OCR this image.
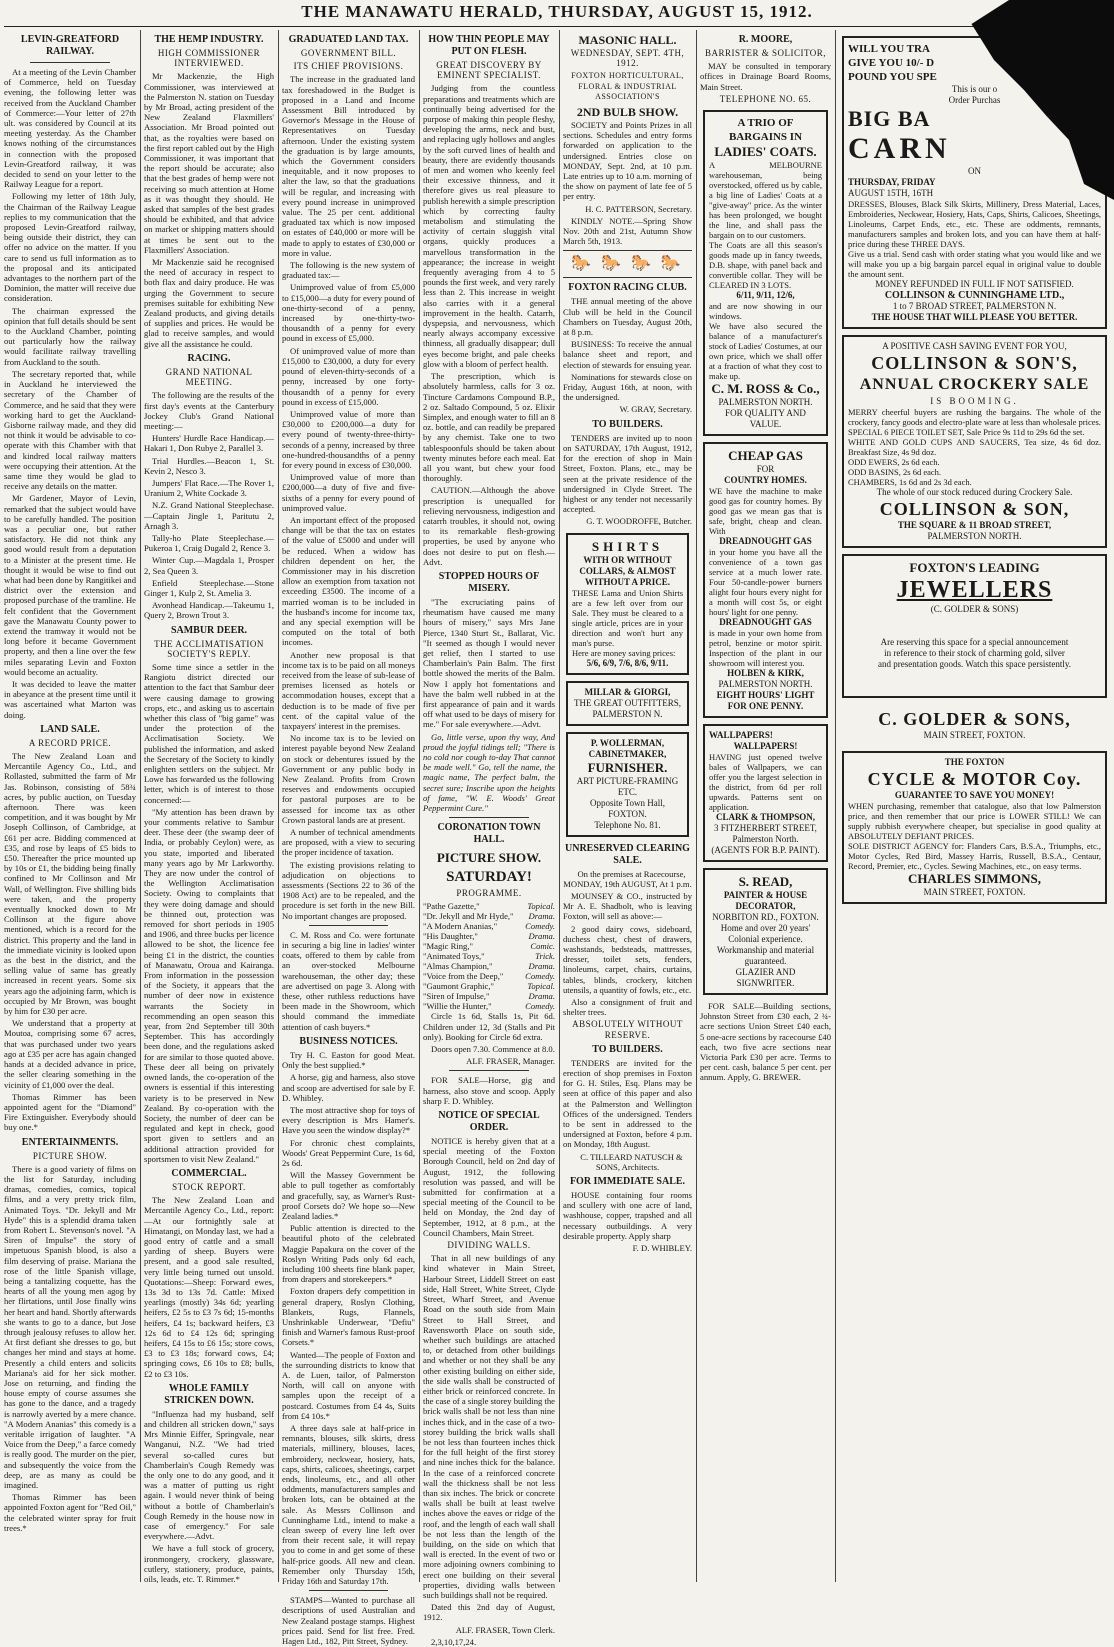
THE MANAWATU HERALD, THURSDAY, AUGUST 15, 1912.
LEVIN-GREATFORD RAILWAY.

At a meeting of the Levin Chamber of Commerce, held on Tuesday evening, the following letter was received from the Auckland Chamber of Commerce:—Your letter of 27th ult. was considered by Council at its meeting yesterday. As the Chamber knows nothing of the circumstances in connection with the proposed Levin-Greatford railway, it was decided to send on your letter to the Railway League for a report.

Following my letter of 18th July, the Chairman of the Railway League replies to my communication that the proposed Levin-Greatford railway, being outside their district, they can offer no advice on the matter. If you care to send us full information as to the proposal and its anticipated advantages to the northern part of the Dominion, the matter will receive due consideration.

The chairman expressed the opinion that full details should be sent to the Auckland Chamber, pointing out particularly how the railway would facilitate railway travelling from Auckland to the south.

The secretary reported that, while in Auckland he interviewed the secretary of the Chamber of Commerce, and he said that they were working hard to get the Auckland-Gisborne railway made, and they did not think it would be advisable to co-operate with this Chamber with that and kindred local railway matters were occupying their attention. At the same time they would be glad to receive any details on the matter.

Mr Gardener, Mayor of Levin, remarked that the subject would have to be carefully handled. The position was a peculiar one, but rather satisfactory. He did not think any good would result from a deputation to a Minister at the present time. He thought it would be wise to find out what had been done by Rangitikei and district over the extension and proposed purchase of the tramline. He felt confident that the Government gave the Manawatu County power to extend the tramway it would not be long before it became Government property, and then a line over the few miles separating Levin and Foxton would become an actuality.

It was decided to leave the matter in abeyance at the present time until it was ascertained what Marton was doing.

LAND SALE.
A RECORD PRICE.

The New Zealand Loan and Mercantile Agency Co., Ltd., and Rollasted, submitted the farm of Mr Jas. Robinson, consisting of 58¾ acres, by public auction, on Tuesday afternoon. There was keen competition, and it was bought by Mr Joseph Collinson, of Cambridge, at £61 per acre. Bidding commenced at £35, and rose by leaps of £5 bids to £50. Thereafter the price mounted up by 10s or £1, the bidding being finally confined to Mr Collinson and Mr Wall, of Wellington. Five shilling bids were taken, and the property eventually knocked down to Mr Collinson at the figure above mentioned, which is a record for the district. This property and the land in the immediate vicinity is looked upon as the best in the district, and the selling value of same has greatly increased in recent years. Some six years ago the adjoining farm, which is occupied by Mr Brown, was bought by him for £30 per acre.

We understand that a property at Moutoa, comprising some 67 acres, that was purchased under two years ago at £35 per acre has again changed hands at a decided advance in price, the seller clearing something in the vicinity of £1,000 over the deal.

Thomas Rimmer has been appointed agent for the "Diamond" Fire Extinguisher. Everybody should buy one.*

ENTERTAINMENTS.
PICTURE SHOW.

There is a good variety of films on the list for Saturday, including dramas, comedies, comics, topical films, and a very pretty trick film, Animated Toys. "Dr. Jekyll and Mr Hyde" this is a splendid drama taken from Robert L. Stevenson's novel. "A Siren of Impulse" the story of impetuous Spanish blood, is also a film deserving of praise. Mariana the rose of the little Spanish village, being a tantalizing coquette, has the hearts of all the young men agog by her flirtations, until Jose finally wins her heart and hand. Shortly afterwards she wants to go to a dance, but Jose through jealousy refuses to allow her. At first defiant she dresses to go, but changes her mind and stays at home. Presently a child enters and solicits Mariana's aid for her sick mother. Jose on returning, and finding the house empty of course assumes she has gone to the dance, and a tragedy is narrowly averted by a mere chance. "A Modern Ananias" this comedy is a veritable irrigation of laughter. "A Voice from the Deep," a farce comedy is really good. The murder on the pier, and subsequently the voice from the deep, are as many as could be imagined.

Thomas Rimmer has been appointed Foxton agent for "Red Oil," the celebrated winter spray for fruit trees.*

THE HEMP INDUSTRY.
HIGH COMMISSIONER INTERVIEWED.

Mr Mackenzie, the High Commissioner, was interviewed at the Palmerston N. station on Tuesday by Mr Broad, acting president of the New Zealand Flaxmillers' Association. Mr Broad pointed out that, as the royalties were based on the first report cabled out by the High Commissioner, it was important that the report should be accurate; also that the best grades of hemp were not receiving so much attention at Home as it was thought they should. He asked that samples of the best grades should be exhibited, and that advice on market or shipping matters should at times be sent out to the Flaxmillers' Association.

Mr Mackenzie said he recognised the need of accuracy in respect to both flax and dairy produce. He was urging the Government to secure premises suitable for exhibiting New Zealand products, and giving details of supplies and prices. He would be glad to receive samples, and would give all the assistance he could.

RACING.
GRAND NATIONAL MEETING.

The following are the results of the first day's events at the Canterbury Jockey Club's Grand National meeting:—

Hunters' Hurdle Race Handicap.—Hakari 1, Don Rubye 2, Parallel 3.

Trial Hurdles.—Beacon 1, St. Kevin 2, Nesco 3.

Jumpers' Flat Race.—The Rover 1, Uranium 2, White Cockade 3.

N.Z. Grand National Steeplechase.—Captain Jingle 1, Paritutu 2, Arnagh 3.

Tally-ho Plate Steeplechase.—Pukeroa 1, Craig Dugald 2, Rence 3.

Winter Cup.—Magdala 1, Prosper 2, Sea Queen 3.

Enfield Steeplechase.—Stone Ginger 1, Kulp 2, St. Amelia 3.

Avonhead Handicap.—Takeumu 1, Query 2, Brown Trout 3.

SAMBUR DEER.
THE ACCLIMATISATION SOCIETY'S REPLY.

Some time since a settler in the Rangiotu district directed our attention to the fact that Sambur deer were causing damage to growing crops, etc., and asking us to ascertain whether this class of "big game" was under the protection of the Acclimatisation Society. We published the information, and asked the Secretary of the Society to kindly enlighten settlers on the subject. Mr Lowe has forwarded us the following letter, which is of interest to those concerned:—

"My attention has been drawn by your comments relative to Sambur deer. These deer (the swamp deer of India, or probably Ceylon) were, as you state, imported and liberated many years ago by Mr Larkworthy. They are now under the control of the Wellington Acclimatisation Society. Owing to complaints that they were doing damage and should be thinned out, protection was removed for short periods in 1905 and 1906, and three bucks per licence allowed to be shot, the licence fee being £1 in the district, the counties of Manawatu, Oroua and Kairanga. From information in the possession of the Society, it appears that the number of deer now in existence warrants the Society in recommending an open season this year, from 2nd September till 30th September. This has accordingly been done, and the regulations asked for are similar to those quoted above. These deer all being on privately owned lands, the co-operation of the owners is essential if this interesting variety is to be preserved in New Zealand. By co-operation with the Society, the number of deer can be regulated and kept in check, good sport given to settlers and an additional attraction provided for sportsmen to visit New Zealand."

COMMERCIAL.
STOCK REPORT.

The New Zealand Loan and Mercantile Agency Co., Ltd., report:—At our fortnightly sale at Himatangi, on Monday last, we had a good entry of cattle and a small yarding of sheep. Buyers were present, and a good sale resulted, very little being turned out unsold. Quotations:—Sheep: Forward ewes, 13s 3d to 13s 7d. Cattle: Mixed yearlings (mostly) 34s 6d; yearling heifers, £2 5s to £3 7s 6d; 15-months heifers, £4 1s; backward heifers, £3 12s 6d to £4 12s 6d; springing heifers, £4 15s to £6 15s; store cows, £3 to £3 18s; forward cows, £4; springing cows, £6 10s to £8; bulls, £2 to £3 10s.

WHOLE FAMILY STRICKEN DOWN.

"Influenza had my husband, self and children all stricken down," says Mrs Minnie Eiffer, Springvale, near Wanganui, N.Z. "We had tried several so-called cures but Chamberlain's Cough Remedy was the only one to do any good, and it was a matter of putting us right again. I would never think of being without a bottle of Chamberlain's Cough Remedy in the house now in case of emergency." For sale everywhere.—Advt.

We have a full stock of grocery, ironmongery, crockery, glassware, cutlery, stationery, produce, paints, oils, leads, etc. T. Rimmer.*

GRADUATED LAND TAX.
GOVERNMENT BILL.
ITS CHIEF PROVISIONS.

The increase in the graduated land tax foreshadowed in the Budget is proposed in a Land and Income Assessment Bill introduced by Governor's Message in the House of Representatives on Tuesday afternoon. Under the existing system the graduation is by large amounts, which the Government considers inequitable, and it now proposes to alter the law, so that the graduations will be regular, and increasing with every pound increase in unimproved value. The 25 per cent. additional graduated tax which is now imposed on estates of £40,000 or more will be made to apply to estates of £30,000 or more in value.

The following is the new system of graduated tax:—

Unimproved value of from £5,000 to £15,000—a duty for every pound of one-thirty-second of a penny, increased by one-thirty-two-thousandth of a penny for every pound in excess of £5,000.

Of unimproved value of more than £15,000 to £30,000, a duty for every pound of eleven-thirty-seconds of a penny, increased by one forty-thousandth of a penny for every pound in excess of £15,000.

Unimproved value of more than £30,000 to £200,000—a duty for every pound of twenty-three-thirty-seconds of a penny, increased by three one-hundred-thousandths of a penny for every pound in excess of £30,000.

Unimproved value of more than £200,000—a duty of five and five-sixths of a penny for every pound of unimproved value.

An important effect of the proposed change will be that the tax on estates of the value of £5000 and under will be reduced. When a widow has children dependent on her, the Commissioner may in his discretion allow an exemption from taxation not exceeding £3500. The income of a married woman is to be included in the husband's income for income tax, and any special exemption will be computed on the total of both incomes.

Another new proposal is that income tax is to be paid on all moneys received from the lease of sub-lease of premises licensed as hotels or accommodation houses, except that a deduction is to be made of five per cent. of the capital value of the taxpayers' interest in the premises.

No income tax is to be levied on interest payable beyond New Zealand on stock or debentures issued by the Government or any public body in New Zealand. Profits from Crown reserves and endowments occupied for pastoral purposes are to be assessed for income tax as other Crown pastoral lands are at present.

A number of technical amendments are proposed, with a view to securing the proper incidence of taxation.

The existing provisions relating to adjudication on objections to assessments (Sections 22 to 36 of the 1908 Act) are to be repealed, and the procedure is set forth in the new Bill. No important changes are proposed.

C. M. Ross and Co. were fortunate in securing a big line in ladies' winter coats, offered to them by cable from an over-stocked Melbourne warehouseman, the other day; these are advertised on page 3. Along with these, other ruthless reductions have been made in the Showroom, which should command the immediate attention of cash buyers.*

BUSINESS NOTICES.

Try H. C. Easton for good Meat. Only the best supplied.*

A horse, gig and harness, also stove and scoop are advertised for sale by F. D. Whibley.

The most attractive shop for toys of every description is Mrs Hamer's. Have you seen the window display?*

For chronic chest complaints, Woods' Great Peppermint Cure, 1s 6d, 2s 6d.

Will the Massey Government be able to pull together as comfortably and gracefully, say, as Warner's Rust-proof Corsets do? We hope so—New Zealand ladies.*

Public attention is directed to the beautiful photo of the celebrated Maggie Papakura on the cover of the Roslyn Writing Pads only 6d each, including 100 sheets fine blank paper, from drapers and storekeepers.*

Foxton drapers defy competition in general drapery, Roslyn Clothing, Blankets, Rugs, Flannels, Unshrinkable Underwear, "Defiu" finish and Warner's famous Rust-proof Corsets.*

Wanted—The people of Foxton and the surrounding districts to know that A. de Luen, tailor, of Palmerston North, will call on anyone with samples upon the receipt of a postcard. Costumes from £4 4s, Suits from £4 10s.*

A three days sale at half-price in remnants, blouses, silk skirts, dress materials, millinery, blouses, laces, embroidery, neckwear, hosiery, hats, caps, shirts, calicoes, sheetings, carpet ends, linoleums, etc., and all other oddments, manufacturers samples and broken lots, can be obtained at the sale. As Messrs Collinson and Cunninghame Ltd., intend to make a clean sweep of every line left over from their recent sale, it will repay you to come in and get some of these half-price goods. All new and clean. Remember only Thursday 15th, Friday 16th and Saturday 17th.

STAMPS—Wanted to purchase all descriptions of used Australian and New Zealand postage stamps. Highest prices paid. Send for list free. Fred. Hagen Ltd., 182, Pitt Street, Sydney.

HOW THIN PEOPLE MAY PUT ON FLESH.
GREAT DISCOVERY BY EMINENT SPECIALIST.

Judging from the countless preparations and treatments which are continually being advertised for the purpose of making thin people fleshy, developing the arms, neck and bust, and replacing ugly hollows and angles by the soft curved lines of health and beauty, there are evidently thousands of men and women who keenly feel their excessive thinness, and it therefore gives us real pleasure to publish herewith a simple prescription which by correcting faulty metabolism and stimulating the activity of certain sluggish vital organs, quickly produces a marvellous transformation in the appearance; the increase in weight frequently averaging from 4 to 5 pounds the first week, and very rarely less than 2. This increase in weight also carries with it a general improvement in the health. Catarrh, dyspepsia, and nervousness, which nearly always accompany excessive thinness, all gradually disappear; dull eyes become bright, and pale cheeks glow with a bloom of perfect health.

The prescription, which is absolutely harmless, calls for 3 oz. Tincture Cardamons Compound B.P., 2 oz. Saltado Compound, 5 oz. Elixir Simplex, and enough water to fill an 8 oz. bottle, and can readily be prepared by any chemist. Take one to two tablespoonfuls should be taken about twenty minutes before each meal. Eat all you want, but chew your food thoroughly.

CAUTION.—Although the above prescription is unequalled for relieving nervousness, indigestion and catarrh troubles, it should not, owing to its remarkable flesh-growing properties, be used by anyone who does not desire to put on flesh.—Advt.

STOPPED HOURS OF MISERY.

"The excruciating pains of rheumatism have caused me many hours of misery," says Mrs Jane Pierce, 1340 Sturt St., Ballarat, Vic. "It seemed as though I would never get relief, then I started to use Chamberlain's Pain Balm. The first bottle showed the merits of the Balm. Now I apply hot fomentations and have the balm well rubbed in at the first appearance of pain and it wards off what used to be days of misery for me." For sale everywhere.—Advt.

Go, little verse, upon thy way, And proud the joyful tidings tell; "There is no cold nor cough to-day That cannot be made well." Go, tell the name, the magic name, The perfect balm, the secret sure; Inscribe upon the heights of fame, "W. E. Woods' Great Peppermint Cure."

CORONATION TOWN HALL.
PICTURE SHOW.
SATURDAY!
PROGRAMME.
"Pathe Gazette,"	Topical.
"Dr. Jekyll and Mr Hyde," Drama.
"A Modern Ananias,"	Comedy.
"His Daughter,"	Drama.
"Magic Ring,"	Comic.
"Animated Toys,"	Trick.
"Almas Champion,"	Drama.
"Voice from the Deep,"	Comedy.
"Gaumont Graphic,"	Topical.
"Siren of Impulse,"	Drama.
"Willie the Hunter,"	Comedy.

Circle 1s 6d, Stalls 1s, Pit 6d. Children under 12, 3d (Stalls and Pit only). Booking for Circle 6d extra.

Doors open 7.30. Commence at 8.0.

ALF. FRASER, Manager.

FOR SALE—Horse, gig and harness, also stove and scoop. Apply sharp F. D. Whibley.

NOTICE OF SPECIAL ORDER.

NOTICE is hereby given that at a special meeting of the Foxton Borough Council, held on 2nd day of August, 1912, the following resolution was passed, and will be submitted for confirmation at a special meeting of the Council to be held on Monday, the 2nd day of September, 1912, at 8 p.m., at the Council Chambers, Main Street.

DIVIDING WALLS.

That in all new buildings of any kind whatever in Main Street, Harbour Street, Liddell Street on east side, Hall Street, White Street, Clyde Street, Wharf Street, and Avenue Road on the south side from Main Street to Hall Street, and Ravensworth Place on south side, whether such buildings are attached to, or detached from other buildings and whether or not they shall be any other existing building on either side, the side walls shall be constructed of either brick or reinforced concrete. In the case of a single storey building the brick walls shall be not less than nine inches thick, and in the case of a two-storey building the brick walls shall be not less than fourteen inches thick for the full height of the first storey and nine inches thick for the balance. In the case of a reinforced concrete wall the thickness shall be not less than six inches. The brick or concrete walls shall be built at least twelve inches above the eaves or ridge of the roof, and the length of each wall shall be not less than the length of the building, on the side on which that wall is erected. In the event of two or more adjoining owners combining to erect one building on their several properties, dividing walls between such buildings shall not be required.

Dated this 2nd day of August, 1912.

ALF. FRASER, Town Clerk.

2,3,10,17,24.

MASONIC HALL.
WEDNESDAY, SEPT. 4TH, 1912.
FOXTON HORTICULTURAL, FLORAL & INDUSTRIAL ASSOCIATION'S
2ND BULB SHOW.

SOCIETY and Points Prizes in all sections. Schedules and entry forms forwarded on application to the undersigned. Entries close on MONDAY, Sept. 2nd, at 10 p.m. Late entries up to 10 a.m. morning of the show on payment of late fee of 5 per entry.

H. C. PATTERSON, Secretary.

KINDLY NOTE.—Spring Show Nov. 20th and 21st, Autumn Show March 5th, 1913.

🐎 🐎 🐎 🐎
FOXTON RACING CLUB.

THE annual meeting of the above Club will be held in the Council Chambers on Tuesday, August 20th, at 8 p.m.

BUSINESS: To receive the annual balance sheet and report, and election of stewards for ensuing year.

Nominations for stewards close on Friday, August 16th, at noon, with the undersigned.

W. GRAY, Secretary.

TO BUILDERS.

TENDERS are invited up to noon on SATURDAY, 17th August, 1912, for the erection of shop in Main Street, Foxton. Plans, etc., may be seen at the private residence of the undersigned in Clyde Street. The highest or any tender not necessarily accepted.

G. T. WOODROFFE, Butcher.

SHIRTS
WITH OR WITHOUT COLLARS, & ALMOST WITHOUT A PRICE.
THESE Lama and Union Shirts are a few left over from our Sale. They must be cleared to a single article, prices are in your direction and won't hurt any man's purse.
Here are money saving prices:
5/6, 6/9, 7/6, 8/6, 9/11.
MILLAR & GIORGI,
THE GREAT OUTFITTERS,
PALMERSTON N.
P. WOLLERMAN,
CABINETMAKER,
FURNISHER.
ART PICTURE-FRAMING ETC.
Opposite Town Hall, FOXTON.
Telephone No. 81.
UNRESERVED CLEARING SALE.

On the premises at Racecourse, MONDAY, 19th AUGUST, At 1 p.m.

MOUNSEY & CO., instructed by Mr A. E. Shadbolt, who is leaving Foxton, will sell as above:—

2 good dairy cows, sideboard, duchess chest, chest of drawers, washstands, bedsteads, mattresses, dresser, toilet sets, fenders, linoleums, carpet, chairs, curtains, tables, blinds, crockery, kitchen utensils, a quantity of fowls, etc., etc.

Also a consignment of fruit and shelter trees.

ABSOLUTELY WITHOUT RESERVE.
TO BUILDERS.

TENDERS are invited for the erection of shop premises in Foxton for G. H. Stiles, Esq. Plans may be seen at office of this paper and also at the Palmerston and Wellington Offices of the undersigned. Tenders to be sent in addressed to the undersigned at Foxton, before 4 p.m. on Monday, 18th August.

C. TILLEARD NATUSCH & SONS, Architects.

FOR IMMEDIATE SALE.

HOUSE containing four rooms and scullery with one acre of land, washhouse, copper, trapshed and all necessary outbuildings. A very desirable property. Apply sharp

F. D. WHIBLEY.

R. MOORE,
BARRISTER & SOLICITOR,

MAY be consulted in temporary offices in Drainage Board Rooms, Main Street.

TELEPHONE NO. 65.
A TRIO OF BARGAINS IN
LADIES' COATS.
A MELBOURNE warehouseman, being overstocked, offered us by cable, a big line of Ladies' Coats at a "give-away" price. As the winter has been prolonged, we bought the line, and shall pass the bargain on to our customers.
The Coats are all this season's goods made up in fancy tweeds, D.B. shape, with panel back and convertible collar. They will be CLEARED IN 3 LOTS.
6/11, 9/11, 12/6,
and are now showing in our windows.
We have also secured the balance of a manufacturer's stock of Ladies' Costumes, at our own price, which we shall offer at a fraction of what they cost to make up.
C. M. ROSS & Co.,
PALMERSTON NORTH.
FOR QUALITY AND VALUE.
CHEAP GAS
FOR
COUNTRY HOMES.
WE have the machine to make good gas for country homes. By good gas we mean gas that is safe, bright, cheap and clean. With
DREADNOUGHT GAS
in your home you have all the convenience of a town gas service at a much lower rate. Four 50-candle-power burners alight four hours every night for a month will cost 5s, or eight hours' light for one penny.
DREADNOUGHT GAS
is made in your own home from petrol, benzine or motor spirit. Inspection of the plant in our showroom will interest you.
HOLBEN & KIRK,
PALMERSTON NORTH.
EIGHT HOURS' LIGHT FOR ONE PENNY.
WALLPAPERS!
WALLPAPERS!
HAVING just opened twelve bales of Wallpapers, we can offer you the largest selection in the district, from 6d per roll upwards. Patterns sent on application.
CLARK & THOMPSON,
3 FITZHERBERT STREET,
Palmerston North.
(AGENTS FOR B.P. PAINT).
S. READ,
PAINTER & HOUSE DECORATOR,
NORBITON RD., FOXTON.
Home and over 20 years' Colonial experience.
Workmanship and material guaranteed.
GLAZIER AND SIGNWRITER.

FOR SALE—Building sections, Johnston Street from £30 each, 2 ¾-acre sections Union Street £40 each, 5 one-acre sections by racecourse £40 each, two five acre sections near Victoria Park £30 per acre. Terms to per cent. cash, balance 5 per cent. per annum. Apply, G. BREWER.

WILL YOU TRA
GIVE YOU 10/- D
POUND YOU SPE
This is our o
Order Purchas
BIG BA
CARN
ON
THURSDAY, FRIDAY
AUGUST 15TH, 16TH
DRESSES, Blouses, Black Silk Skirts, Millinery, Dress Material, Laces, Embroideries, Neckwear, Hosiery, Hats, Caps, Shirts, Calicoes, Sheetings, Linoleums, Carpet Ends, etc., etc. These are oddments, remnants, manufacturers samples and broken lots, and you can have them at half-price during these THREE DAYS.
Give us a trial. Send cash with order stating what you would like and we will make you up a big bargain parcel equal in original value to double the amount sent.
MONEY REFUNDED IN FULL IF NOT SATISFIED.
COLLINSON & CUNNINGHAME LTD.,
1 to 7 BROAD STREET, PALMERSTON N.
THE HOUSE THAT WILL PLEASE YOU BETTER.
A POSITIVE CASH SAVING EVENT FOR YOU,
COLLINSON & SON'S,
ANNUAL CROCKERY SALE
IS BOOMING.
MERRY cheerful buyers are rushing the bargains. The whole of the crockery, fancy goods and electro-plate ware at less than wholesale prices.
SPECIAL 6 PIECE TOILET SET, Sale Price 9s 11d to 29s 6d the set.
WHITE AND GOLD CUPS AND SAUCERS, Tea size, 4s 6d doz. Breakfast Size, 4s 9d doz.
ODD EWERS, 2s 6d each.
ODD BASINS, 2s 6d each.
CHAMBERS, 1s 6d and 2s 3d each.
The whole of our stock reduced during Crockery Sale.
COLLINSON & SON,
THE SQUARE & 11 BROAD STREET,
PALMERSTON NORTH.
FOXTON'S LEADING
JEWELLERS
(C. GOLDER & SONS)
Are reserving this space for a special announcement in reference to their stock of charming gold, silver and presentation goods. Watch this space persistently.
C. GOLDER & SONS,
MAIN STREET, FOXTON.
THE FOXTON
CYCLE & MOTOR Coy.
GUARANTEE TO SAVE YOU MONEY!
WHEN purchasing, remember that catalogue, also that low Palmerston price, and then remember that our price is LOWER STILL! We can supply rubbish everywhere cheaper, but specialise in good quality at ABSOLUTELY DEFIANT PRICES.
SOLE DISTRICT AGENCY for: Flanders Cars, B.S.A., Triumphs, etc., Motor Cycles, Red Bird, Massey Harris, Russell, B.S.A., Centaur, Record, Premier, etc., Cycles. Sewing Machines, etc., on easy terms.
CHARLES SIMMONS,
MAIN STREET, FOXTON.
